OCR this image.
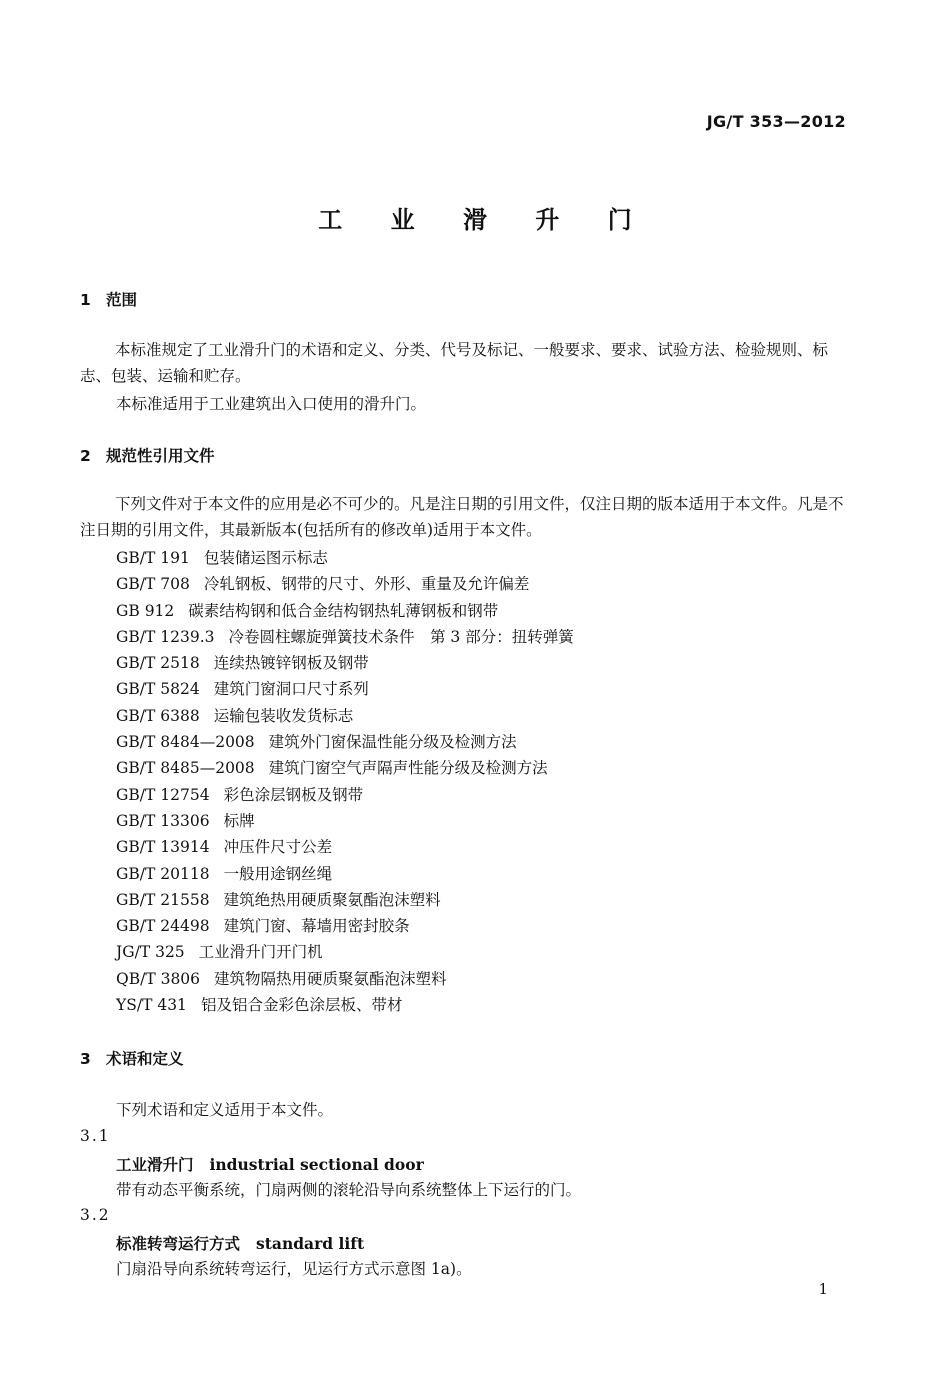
JG/T 353—2012
工 业 滑 升 门
1 范围

本标准规定了工业滑升门的术语和定义、分类、代号及标记、一般要求、要求、试验方法、检验规则、标志、包装、运输和贮存。

本标准适用于工业建筑出入口使用的滑升门。
2 规范性引用文件

下列文件对于本文件的应用是必不可少的。凡是注日期的引用文件，仅注日期的版本适用于本文件。凡是不注日期的引用文件，其最新版本(包括所有的修改单)适用于本文件。

GB/T 191 包装储运图示标志
GB/T 708 冷轧钢板、钢带的尺寸、外形、重量及允许偏差
GB 912 碳素结构钢和低合金结构钢热轧薄钢板和钢带
GB/T 1239.3 冷卷圆柱螺旋弹簧技术条件　第 3 部分：扭转弹簧
GB/T 2518 连续热镀锌钢板及钢带
GB/T 5824 建筑门窗洞口尺寸系列
GB/T 6388 运输包装收发货标志
GB/T 8484—2008 建筑外门窗保温性能分级及检测方法
GB/T 8485—2008 建筑门窗空气声隔声性能分级及检测方法
GB/T 12754 彩色涂层钢板及钢带
GB/T 13306 标牌
GB/T 13914 冲压件尺寸公差
GB/T 20118 一般用途钢丝绳
GB/T 21558 建筑绝热用硬质聚氨酯泡沫塑料
GB/T 24498 建筑门窗、幕墙用密封胶条
JG/T 325 工业滑升门开门机
QB/T 3806 建筑物隔热用硬质聚氨酯泡沫塑料
YS/T 431 铝及铝合金彩色涂层板、带材
3 术语和定义
下列术语和定义适用于本文件。
3.1
工业滑升门 industrial sectional door
带有动态平衡系统，门扇两侧的滚轮沿导向系统整体上下运行的门。
3.2
标准转弯运行方式 standard lift
门扇沿导向系统转弯运行，见运行方式示意图 1a)。
1
